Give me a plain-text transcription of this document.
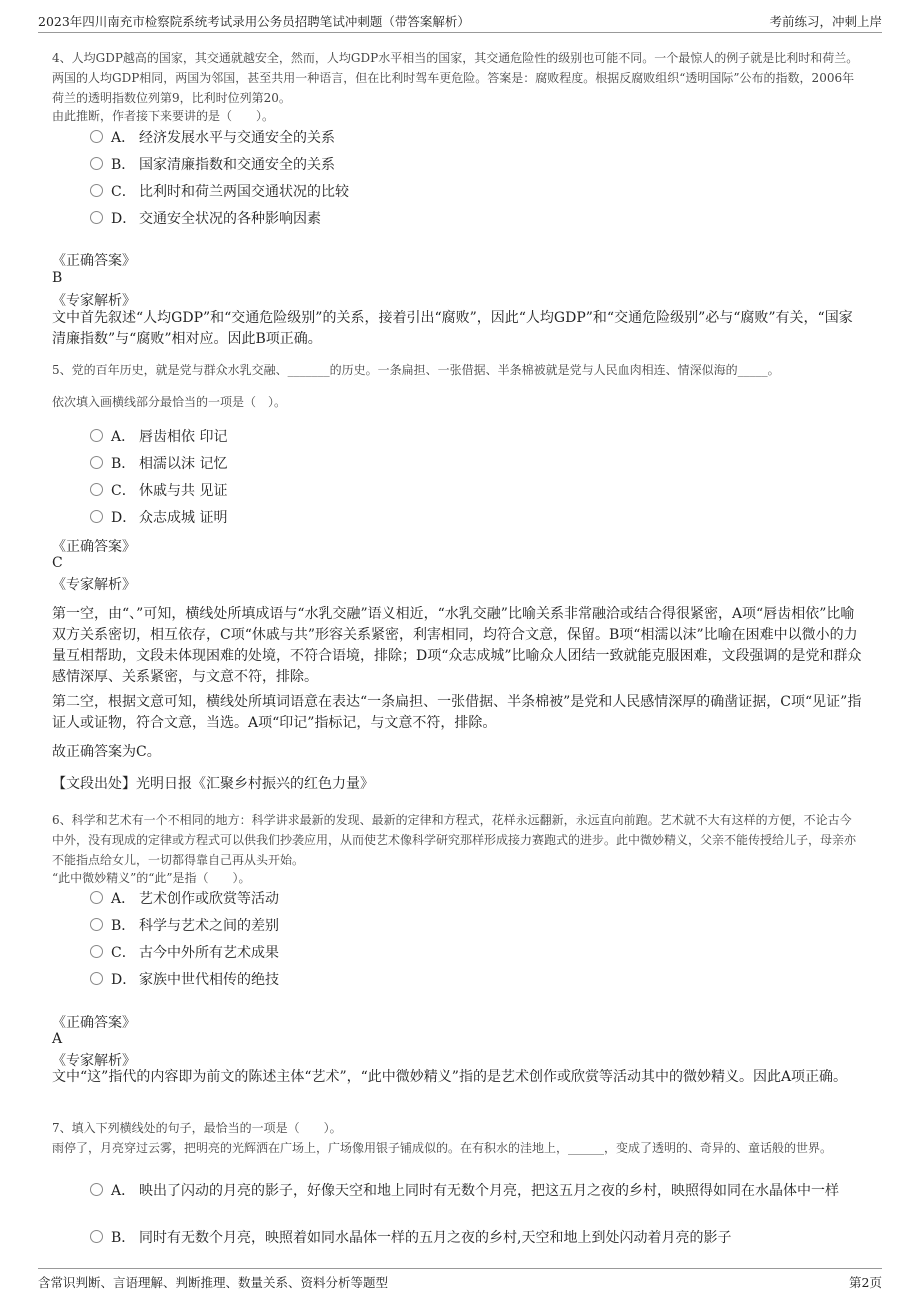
2023年四川南充市检察院系统考试录用公务员招聘笔试冲刺题（带答案解析）	考前练习，冲刺上岸
4、人均GDP越高的国家，其交通就越安全，然而，人均GDP水平相当的国家，其交通危险性的级别也可能不同。一个最惊人的例子就是比利时和荷兰。两国的人均GDP相同，两国为邻国，甚至共用一种语言，但在比利时驾车更危险。答案是：腐败程度。根据反腐败组织“透明国际”公布的指数，2006年荷兰的透明指数位列第9，比利时位列第20。
由此推断，作者接下来要讲的是（　　）。
A． 经济发展水平与交通安全的关系
B． 国家清廉指数和交通安全的关系
C． 比利时和荷兰两国交通状况的比较
D． 交通安全状况的各种影响因素
《正确答案》
B
《专家解析》
文中首先叙述“人均GDP”和“交通危险级别”的关系，接着引出“腐败”，因此“人均GDP”和“交通危险级别”必与“腐败”有关，“国家清廉指数”与“腐败”相对应。因此B项正确。
5、党的百年历史，就是党与群众水乳交融、_______的历史。一条扁担、一张借据、半条棉被就是党与人民血肉相连、情深似海的_____。
依次填入画横线部分最恰当的一项是（　）。
A． 唇齿相依 印记
B． 相濡以沫 记忆
C． 休戚与共 见证
D． 众志成城 证明
《正确答案》
C
《专家解析》
第一空，由“、”可知，横线处所填成语与“水乳交融”语义相近，“水乳交融”比喻关系非常融洽或结合得很紧密，A项“唇齿相依”比喻双方关系密切，相互依存，C项“休戚与共”形容关系紧密，利害相同，均符合文意，保留。B项“相濡以沫”比喻在困难中以微小的力量互相帮助，文段未体现困难的处境，不符合语境，排除；D项“众志成城”比喻众人团结一致就能克服困难，文段强调的是党和群众感情深厚、关系紧密，与文意不符，排除。
第二空，根据文意可知，横线处所填词语意在表达“一条扁担、一张借据、半条棉被”是党和人民感情深厚的确凿证据，C项“见证”指证人或证物，符合文意，当选。A项“印记”指标记，与文意不符，排除。
故正确答案为C。
【文段出处】光明日报《汇聚乡村振兴的红色力量》
6、科学和艺术有一个不相同的地方：科学讲求最新的发现、最新的定律和方程式，花样永远翻新，永远直向前跑。艺术就不大有这样的方便，不论古今中外，没有现成的定律或方程式可以供我们抄袭应用，从而使艺术像科学研究那样形成接力赛跑式的进步。此中微妙精义，父亲不能传授给儿子，母亲亦不能指点给女儿，一切都得靠自己再从头开始。
“此中微妙精义”的“此”是指（　　）。
A． 艺术创作或欣赏等活动
B． 科学与艺术之间的差别
C． 古今中外所有艺术成果
D． 家族中世代相传的绝技
《正确答案》
A
《专家解析》
文中“这”指代的内容即为前文的陈述主体“艺术”，“此中微妙精义”指的是艺术创作或欣赏等活动其中的微妙精义。因此A项正确。
7、填入下列横线处的句子，最恰当的一项是（　　）。
雨停了，月亮穿过云雾，把明亮的光辉洒在广场上，广场像用银子铺成似的。在有积水的洼地上，______，变成了透明的、奇异的、童话般的世界。
A． 映出了闪动的月亮的影子，好像天空和地上同时有无数个月亮，把这五月之夜的乡村，映照得如同在水晶体中一样
B． 同时有无数个月亮，映照着如同水晶体一样的五月之夜的乡村,天空和地上到处闪动着月亮的影子
含常识判断、言语理解、判断推理、数量关系、资料分析等题型	第2页
